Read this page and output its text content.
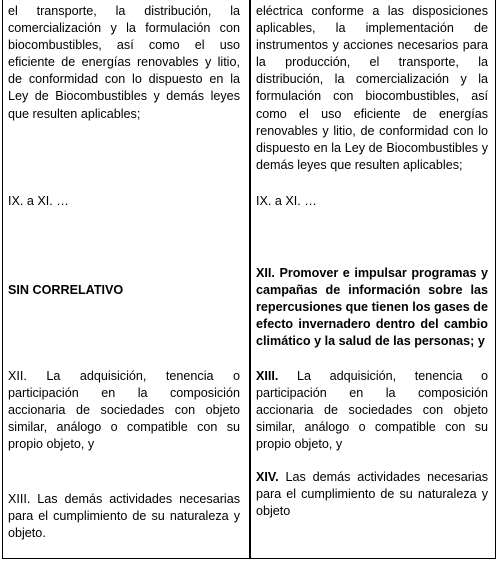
el transporte, la distribución, la comercialización y la formulación con biocombustibles, así como el uso eficiente de energías renovables y litio, de conformidad con lo dispuesto en la Ley de Biocombustibles y demás leyes que resulten aplicables;

IX. a XI. …

SIN CORRELATIVO

XII. La adquisición, tenencia o participación en la composición accionaria de sociedades con objeto similar, análogo o compatible con su propio objeto, y

XIII. Las demás actividades necesarias para el cumplimiento de su naturaleza y objeto.

eléctrica conforme a las disposiciones aplicables, la implementación de instrumentos y acciones necesarios para la producción, el transporte, la distribución, la comercialización y la formulación con biocombustibles, así como el uso eficiente de energías renovables y litio, de conformidad con lo dispuesto en la Ley de Biocombustibles y demás leyes que resulten aplicables;

IX. a XI. …

XII. Promover e impulsar programas y campañas de información sobre las repercusiones que tienen los gases de efecto invernadero dentro del cambio climático y la salud de las personas; y

XIII. La adquisición, tenencia o participación en la composición accionaria de sociedades con objeto similar, análogo o compatible con su propio objeto, y

XIV. Las demás actividades necesarias para el cumplimiento de su naturaleza y objeto
